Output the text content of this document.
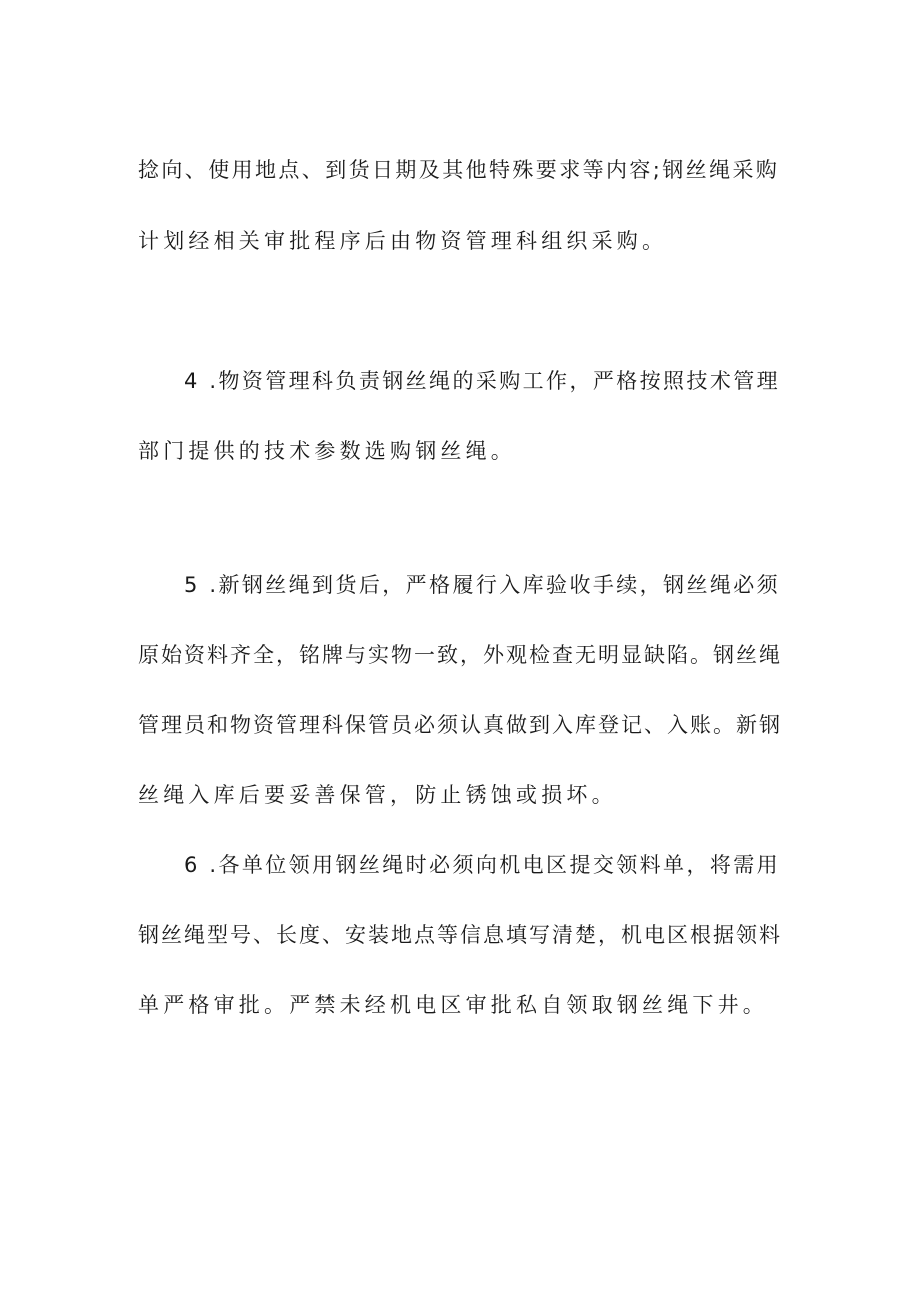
捻向、使用地点、到货日期及其他特殊要求等内容;钢丝绳采购

计划经相关审批程序后由物资管理科组织采购。

4 .物资管理科负责钢丝绳的采购工作，严格按照技术管理

部门提供的技术参数选购钢丝绳。

5 .新钢丝绳到货后，严格履行入库验收手续，钢丝绳必须

原始资料齐全，铭牌与实物一致，外观检查无明显缺陷。钢丝绳

管理员和物资管理科保管员必须认真做到入库登记、入账。新钢

丝绳入库后要妥善保管，防止锈蚀或损坏。

6 .各单位领用钢丝绳时必须向机电区提交领料单，将需用

钢丝绳型号、长度、安装地点等信息填写清楚，机电区根据领料

单严格审批。严禁未经机电区审批私自领取钢丝绳下井。
